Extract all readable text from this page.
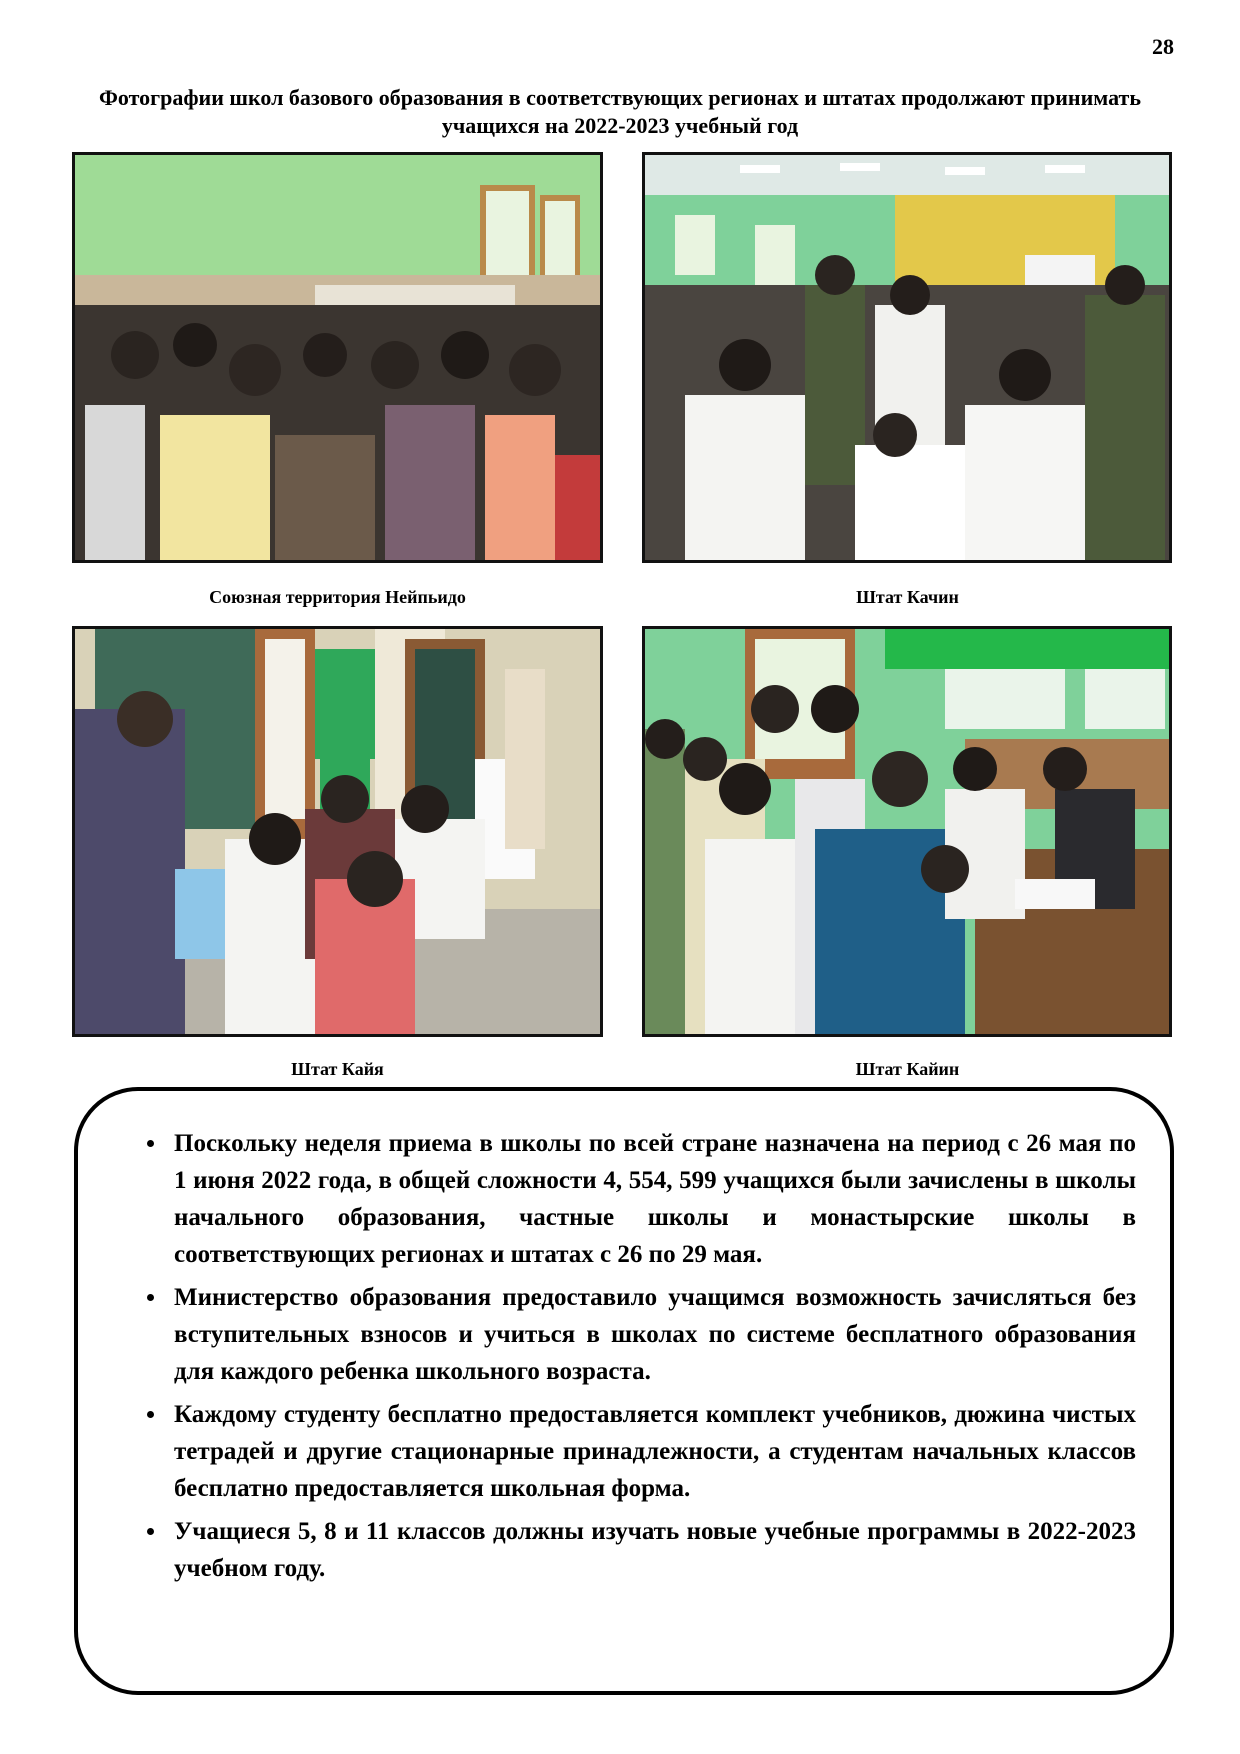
28
Фотографии школ базового образования в соответствующих регионах и штатах продолжают принимать учащихся на 2022-2023 учебный год
Союзная территория Нейпьидо	Штат Качин
Штат Кайя	Штат Кайин
• Поскольку неделя приема в школы по всей стране назначена на период с 26 мая по 1 июня 2022 года, в общей сложности 4, 554, 599 учащихся были зачислены в школы начального образования, частные школы и монастырские школы в соответствующих регионах и штатах с 26 по 29 мая.
• Министерство образования предоставило учащимся возможность зачисляться без вступительных взносов и учиться в школах по системе бесплатного образования для каждого ребенка школьного возраста.
• Каждому студенту бесплатно предоставляется комплект учебников, дюжина чистых тетрадей и другие стационарные принадлежности, а студентам начальных классов бесплатно предоставляется школьная форма.
• Учащиеся 5, 8 и 11 классов должны изучать новые учебные программы в 2022-2023 учебном году.
